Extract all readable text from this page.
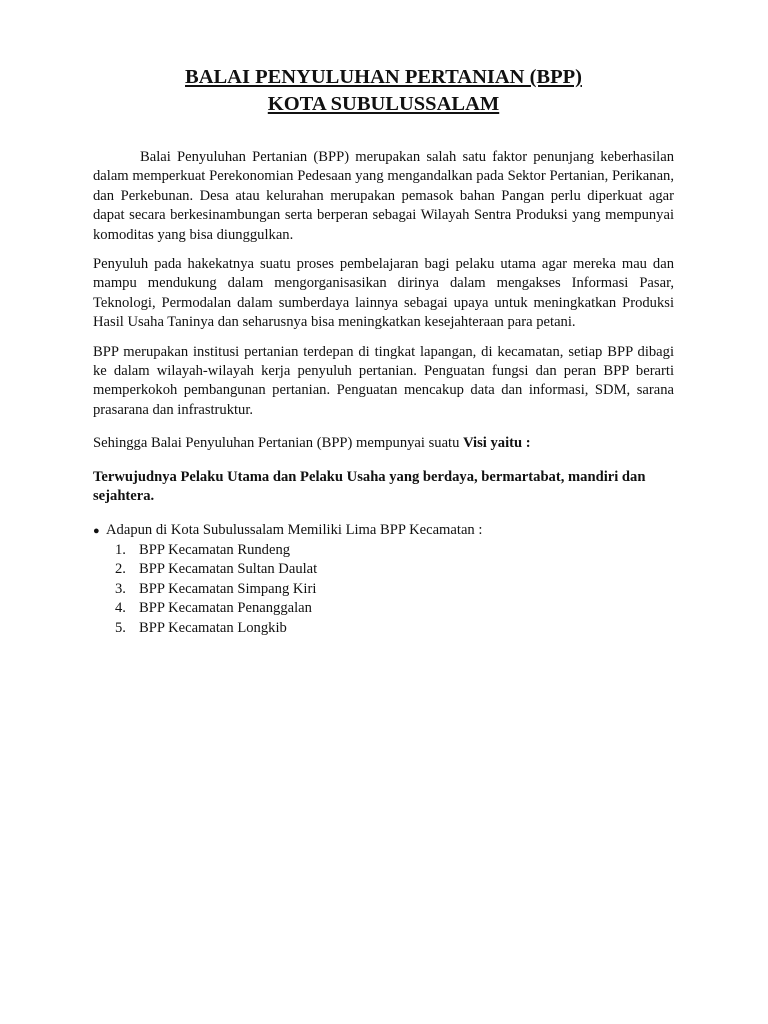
BALAI PENYULUHAN PERTANIAN (BPP)
KOTA SUBULUSSALAM

Balai Penyuluhan Pertanian (BPP) merupakan salah satu faktor penunjang keberhasilan dalam memperkuat Perekonomian Pedesaan yang mengandalkan pada Sektor Pertanian, Perikanan, dan Perkebunan. Desa atau kelurahan merupakan pemasok bahan Pangan perlu diperkuat agar dapat secara berkesinambungan serta berperan sebagai Wilayah Sentra Produksi yang mempunyai komoditas yang bisa diunggulkan.

Penyuluh pada hakekatnya suatu proses pembelajaran bagi pelaku utama agar mereka mau dan mampu mendukung dalam mengorganisasikan dirinya dalam mengakses Informasi Pasar, Teknologi, Permodalan dalam sumberdaya lainnya sebagai upaya untuk meningkatkan Produksi Hasil Usaha Taninya dan seharusnya bisa meningkatkan kesejahteraan para petani.

BPP merupakan institusi pertanian terdepan di tingkat lapangan, di kecamatan, setiap BPP dibagi ke dalam wilayah-wilayah kerja penyuluh pertanian. Penguatan fungsi dan peran BPP berarti memperkokoh pembangunan pertanian. Penguatan mencakup data dan informasi, SDM, sarana prasarana dan infrastruktur.

Sehingga Balai Penyuluhan Pertanian (BPP) mempunyai suatu Visi yaitu :

Terwujudnya Pelaku Utama dan Pelaku Usaha yang berdaya, bermartabat, mandiri dan sejahtera.

● Adapun di Kota Subulussalam Memiliki Lima BPP Kecamatan :

1. BPP Kecamatan Rundeng
2. BPP Kecamatan Sultan Daulat
3. BPP Kecamatan Simpang Kiri
4. BPP Kecamatan Penanggalan
5. BPP Kecamatan Longkib
